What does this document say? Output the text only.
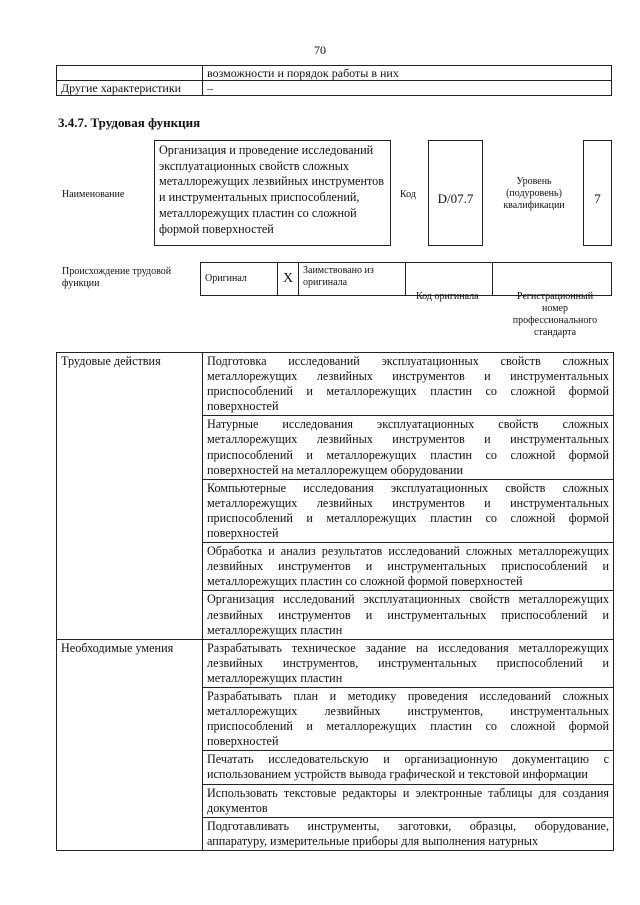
70
	возможности и порядок работы в них
Другие характеристики	–
3.4.7. Трудовая функция
Наименование
Организация и проведение исследований эксплуатационных свойств сложных металлорежущих лезвийных инструментов и инструментальных приспособлений, металлорежущих пластин со сложной формой поверхностей
Код	D/07.7
Уровень (подуровень) квалификации	7
Происхождение трудовой функции	Оригинал	X	Заимствовано из оригинала		
Код оригинала	Регистрационный номер профессионального стандарта
Трудовые действия	Подготовка исследований эксплуатационных свойств сложных металлорежущих лезвийных инструментов и инструментальных приспособлений и металлорежущих пластин со сложной формой поверхностей
	Натурные исследования эксплуатационных свойств сложных металлорежущих лезвийных инструментов и инструментальных приспособлений и металлорежущих пластин со сложной формой поверхностей на металлорежущем оборудовании
	Компьютерные исследования эксплуатационных свойств сложных металлорежущих лезвийных инструментов и инструментальных приспособлений и металлорежущих пластин со сложной формой поверхностей
	Обработка и анализ результатов исследований сложных металлорежущих лезвийных инструментов и инструментальных приспособлений и металлорежущих пластин со сложной формой поверхностей
	Организация исследований эксплуатационных свойств металлорежущих лезвийных инструментов и инструментальных приспособлений и металлорежущих пластин
Необходимые умения	Разрабатывать техническое задание на исследования металлорежущих лезвийных инструментов, инструментальных приспособлений и металлорежущих пластин
	Разрабатывать план и методику проведения исследований сложных металлорежущих лезвийных инструментов, инструментальных приспособлений и металлорежущих пластин со сложной формой поверхностей
	Печатать исследовательскую и организационную документацию с использованием устройств вывода графической и текстовой информации
	Использовать текстовые редакторы и электронные таблицы для создания документов
	Подготавливать инструменты, заготовки, образцы, оборудование, аппаратуру, измерительные приборы для выполнения натурных
